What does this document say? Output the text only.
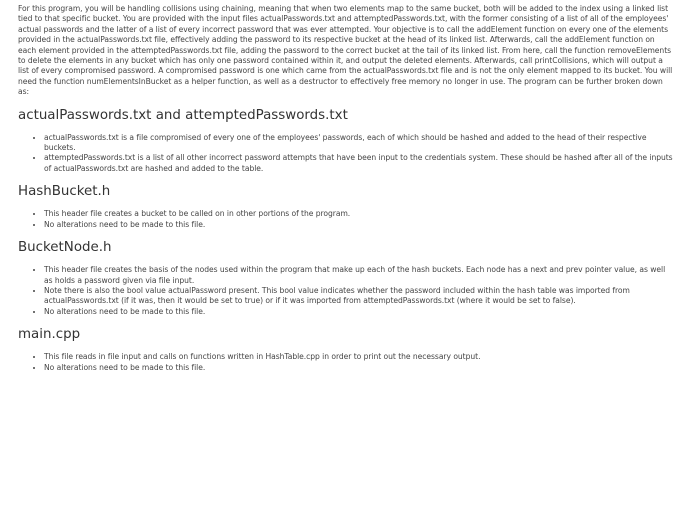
For this program, you will be handling collisions using chaining, meaning that when two elements map to the same bucket, both will be added to the index using a linked list tied to that specific bucket. You are provided with the input files actualPasswords.txt and attemptedPasswords.txt, with the former consisting of a list of all of the employees' actual passwords and the latter of a list of every incorrect password that was ever attempted. Your objective is to call the addElement function on every one of the elements provided in the actualPasswords.txt file, effectively adding the password to its respective bucket at the head of its linked list. Afterwards, call the addElement function on each element provided in the attemptedPasswords.txt file, adding the password to the correct bucket at the tail of its linked list. From here, call the function removeElements to delete the elements in any bucket which has only one password contained within it, and output the deleted elements. Afterwards, call printCollisions, which will output a list of every compromised password. A compromised password is one which came from the actualPasswords.txt file and is not the only element mapped to its bucket. You will need the function numElementsInBucket as a helper function, as well as a destructor to effectively free memory no longer in use. The program can be further broken down as:

actualPasswords.txt and attemptedPasswords.txt
• actualPasswords.txt is a file compromised of every one of the employees' passwords, each of which should be hashed and added to the head of their respective buckets.
• attemptedPasswords.txt is a list of all other incorrect password attempts that have been input to the credentials system. These should be hashed after all of the inputs of actualPasswords.txt are hashed and added to the table.
HashBucket.h
• This header file creates a bucket to be called on in other portions of the program.
• No alterations need to be made to this file.
BucketNode.h
• This header file creates the basis of the nodes used within the program that make up each of the hash buckets. Each node has a next and prev pointer value, as well as holds a password given via file input.
• Note there is also the bool value actualPassword present. This bool value indicates whether the password included within the hash table was imported from actualPasswords.txt (if it was, then it would be set to true) or if it was imported from attemptedPasswords.txt (where it would be set to false).
• No alterations need to be made to this file.
main.cpp
• This file reads in file input and calls on functions written in HashTable.cpp in order to print out the necessary output.
• No alterations need to be made to this file.
